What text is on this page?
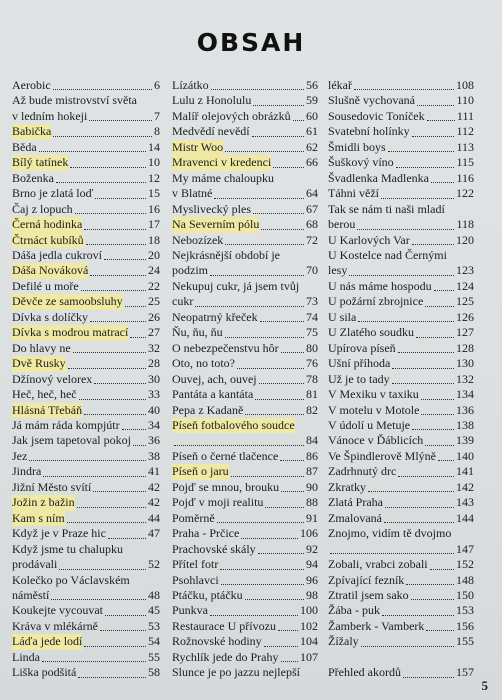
OBSAH
Aerobic	6
Až bude mistrovství světa
v ledním hokeji	7
Babička	8
Běda	14
Bílý tatínek	10
Boženka	12
Brno je zlatá loď	15
Čaj z lopuch	16
Černá hodinka	17
Čtrnáct kubíků	18
Dáša jedla cukroví	20
Dáša Nováková	24
Defilé u moře	22
Děvče ze samoobsluhy 25
Dívka s dolíčky	26
Dívka s modrou matrací 27
Do hlavy ne	32
Dvě Rusky	28
Džínový velorex	30
Heč, heč, heč	33
Hlásná Třebáň	40
Já mám ráda kompjútr 34
Jak jsem tapetoval pokoj 36
Jez	38
Jindra	41
Jižní Město svítí	42
Jožin z bažin	42
Kam s ním	44
Když je v Praze hic	47
Když jsme tu chalupku
prodávali	52
Kolečko po Václavském
náměstí	48
Koukejte vycouvat	45
Kráva v mlékárně	53
Láďa jede lodí	54
Linda	55
Liška podšitá	58
Lízátko	56
Lulu z Honolulu	59
Malíř olejových obrázků 60
Medvědí nevědí	61
Mistr Woo	62
Mravenci v kredenci	66
My máme chaloupku
v Blatné	64
Myslivecký ples	67
Na Severním pólu	68
Nebozízek	72
Nejkrásnější období je
podzim	70
Nekupuj cukr, já jsem tvůj
cukr	73
Neopatrný křeček	74
Ňu, ňu, ňu	75
O nebezpečenstvu hôr 80
Oto, no toto?	76
Ouvej, ach, ouvej	78
Pantáta a kantáta	81
Pepa z Kadaně	82
Píseň fotbalového soudce
84
Píseň o černé tlačence 86
Píseň o jaru	87
Pojď se mnou, brouku 90
Pojď v moji realitu	88
Poměrně	91
Praha - Prčice	106
Prachovské skály	92
Přítel fotr	94
Psohlavci	96
Ptáčku, ptáčku	98
Punkva	100
Restaurace U přívozu 102
Rožnovské hodiny	104
Rychlík jede do Prahy 107
Slunce je po jazzu nejlepší
lékař	108
Slušně vychovaná	110
Sousedovic Toníček	111
Svatební holínky	112
Šmidli boys	113
Šuškový víno	115
Švadlenka Madlenka 116
Táhni věží	122
Tak se nám ti naši mladí
berou	118
U Karlových Var	120
U Kostelce nad Černými
lesy	123
U nás máme hospodu 124
U požární zbrojnice	125
U sila	126
U Zlatého soudku	127
Upírova píseň	128
Ušní příhoda	130
Už je to tady	132
V Mexiku v taxiku	134
V motelu v Motole	136
V údolí u Metuje	138
Vánoce v Ďáblicích	139
Ve Špindlerově Mlýně 140
Zadrhnutý drc	141
Zkratky	142
Zlatá Praha	143
Zmalovaná	144
Znojmo, vidím tě dvojmo
147
Zobali, vrabci zobali 152
Zpívající fezník	148
Ztratil jsem sako	150
Žába - puk	153
Žamberk - Vamberk	156
Žížaly	155

Přehled akordů	157
5
